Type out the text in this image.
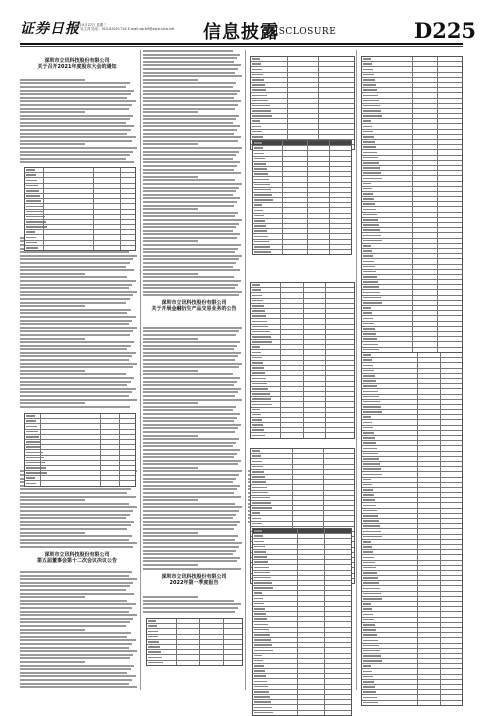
证券日报
2022年4月27日 星期三
责编：吴文萍 电话：010-83251716 E-mail:zqrb9@zqrb.sina.net 信息披露
DISCLOSURE	D225
深圳市立讯科技股份有限公司
关于召开2021年度股东大会的通知
深圳市立讯科技股份有限公司
关于开展金融衍生产品交易业务的公告
深圳市立讯科技股份有限公司
第五届董事会第十二次会议决议公告
深圳市立讯科技股份有限公司
2022年第一季度报告
